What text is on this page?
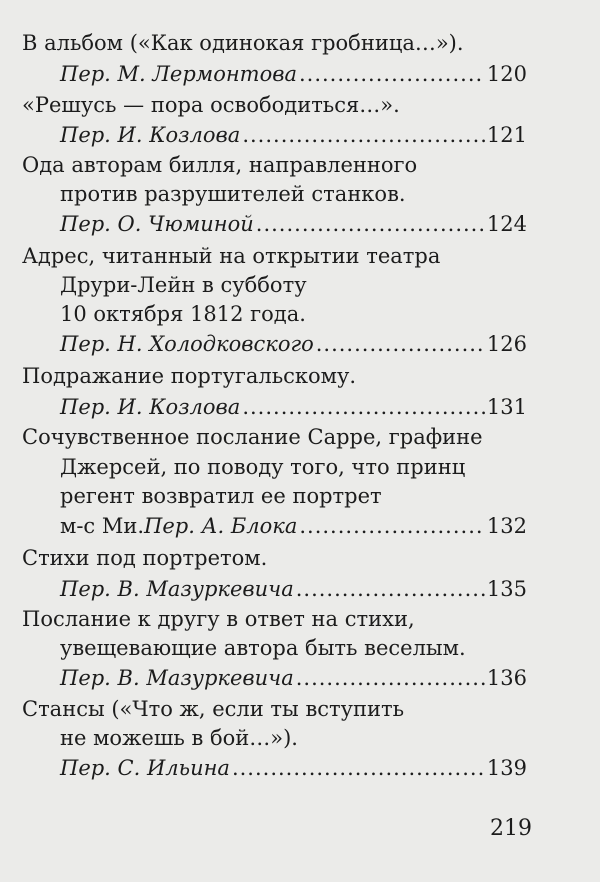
В альбом («Как одинокая гробница…»).
Пер. М. Лермонтова .....	120
«Решусь — пора освободиться…».
Пер. И. Козлова .....	121
Ода авторам билля, направленного
против разрушителей станков.
Пер. О. Чюминой .....	124
Адрес, читанный на открытии театра
Друри-Лейн в субботу
10 октября 1812 года.
Пер. Н. Холодковского .....	126
Подражание португальскому.
Пер. И. Козлова .....	131
Сочувственное послание Сарре, графине
Джерсей, по поводу того, что принц
регент возвратил ее портрет
м-с Ми. Пер. А. Блока .....	132
Стихи под портретом.
Пер. В. Мазуркевича .....	135
Послание к другу в ответ на стихи,
увещевающие автора быть веселым.
Пер. В. Мазуркевича .....	136
Станcы («Что ж, если ты вступить
не можешь в бой…»).
Пер. С. Ильина .....	139
219
